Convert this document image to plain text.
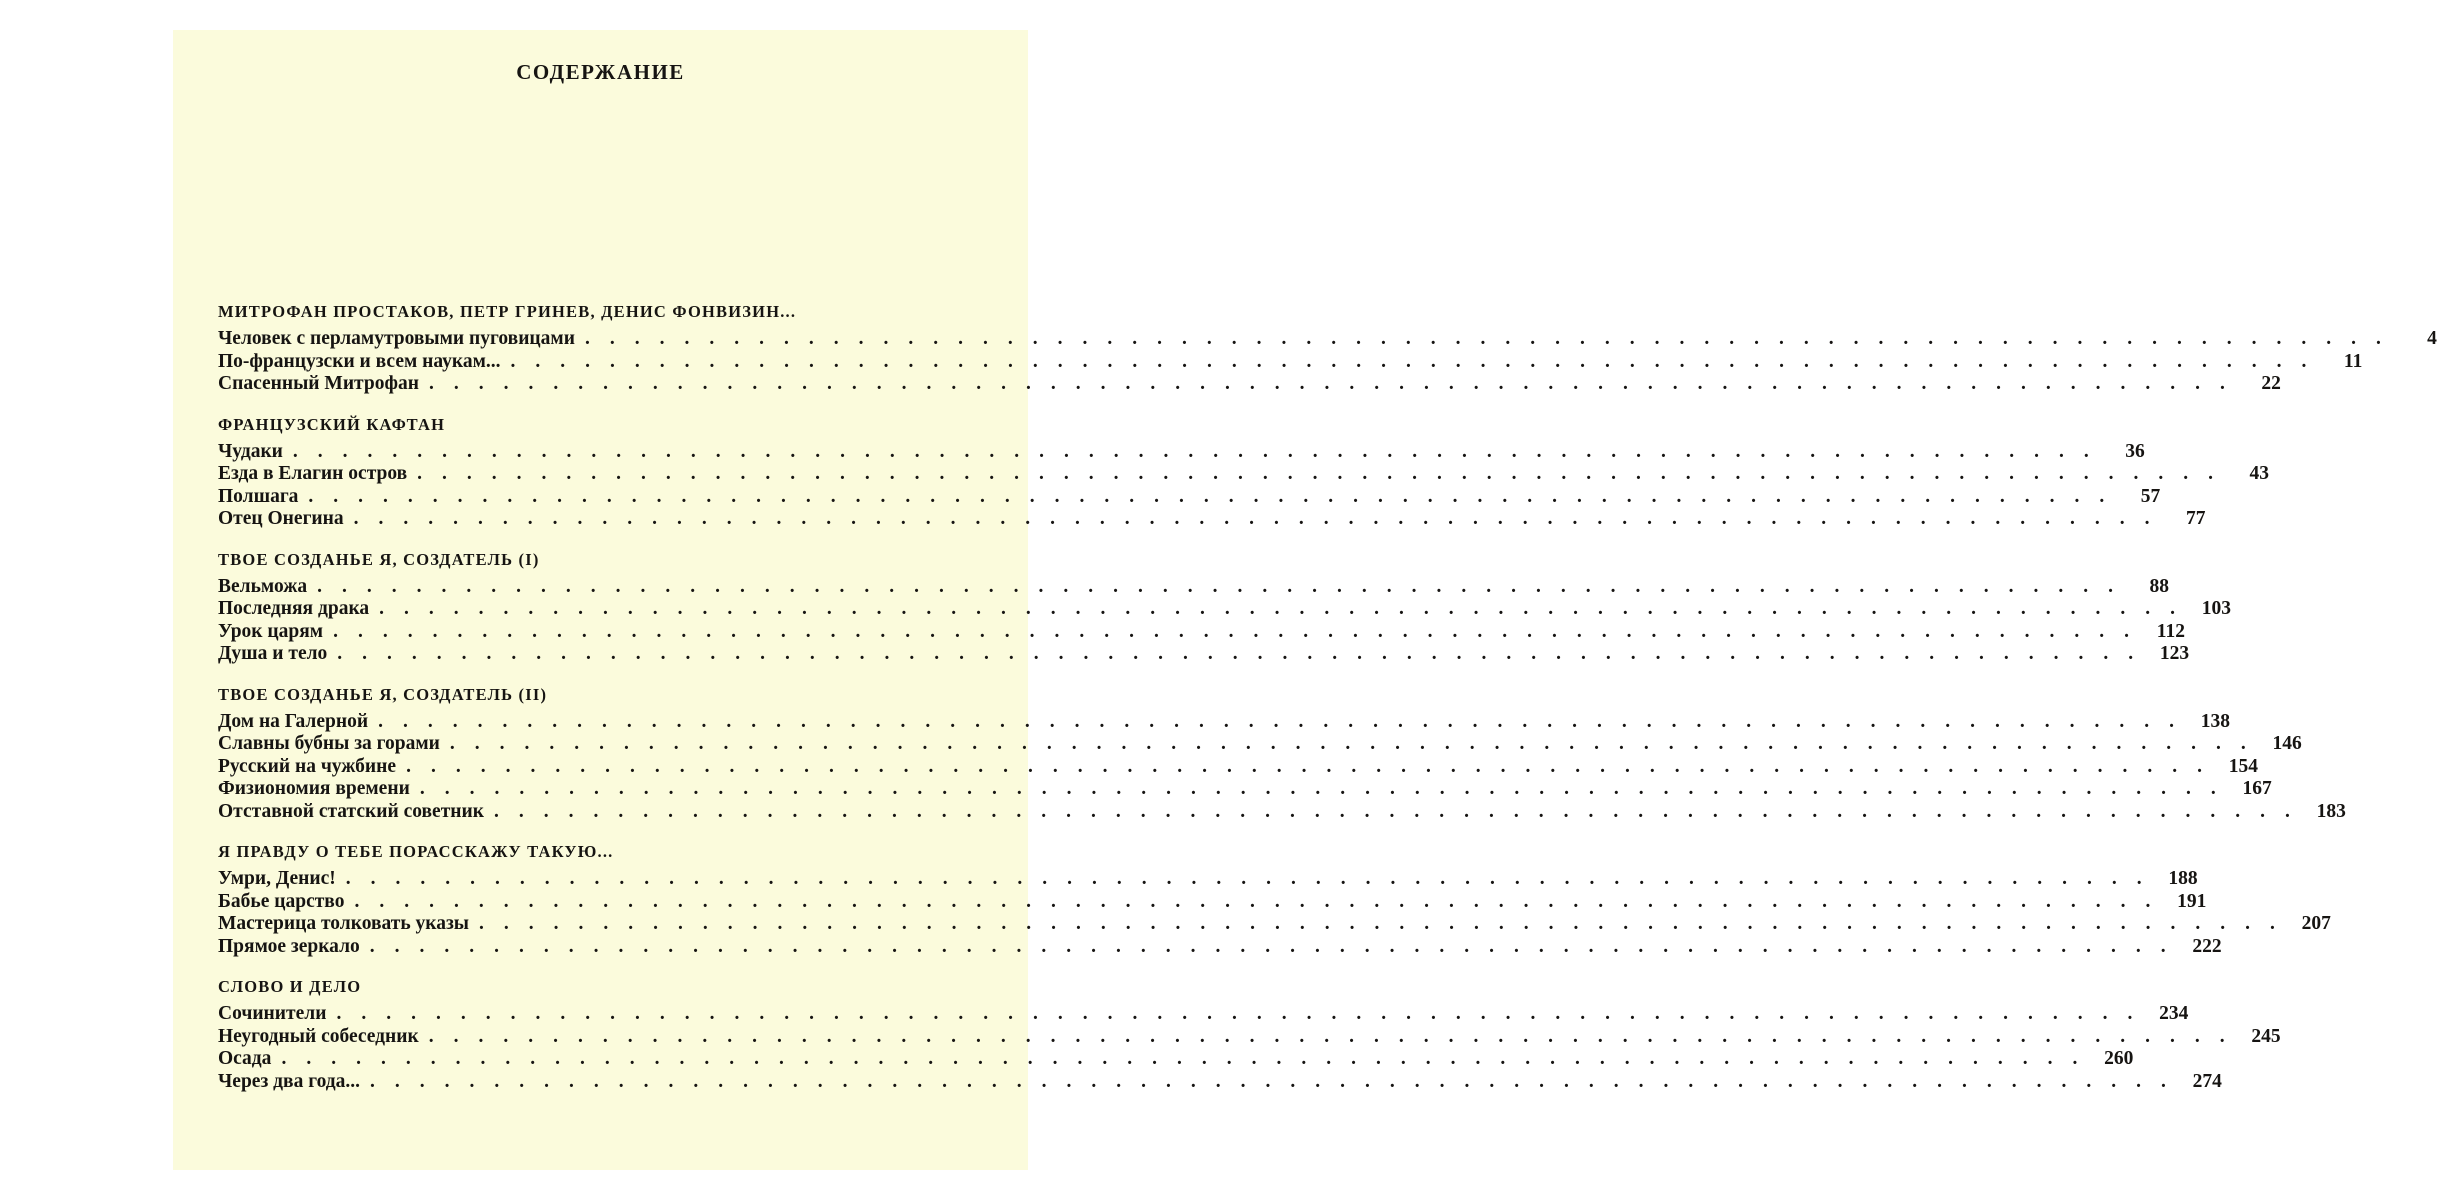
СОДЕРЖАНИЕ
МИТРОФАН ПРОСТАКОВ, ПЕТР ГРИНЕВ, ДЕНИС ФОНВИЗИН...
Человек с перламутровыми пуговицами .........................................................................	4
По-французски и всем наукам... ......................................................................... 11
Спасенный Митрофан ......................................................................... 22
ФРАНЦУЗСКИЙ КАФТАН
Чудаки ......................................................................... 36
Езда в Елагин остров ......................................................................... 43
Полшага ......................................................................... 57
Отец Онегина ......................................................................... 77
ТВОЕ СОЗДАНЬЕ Я, СОЗДАТЕЛЬ (I)
Вельможа ......................................................................... 88
Последняя драка ......................................................................... 103
Урок царям ......................................................................... 112
Душа и тело ......................................................................... 123
ТВОЕ СОЗДАНЬЕ Я, СОЗДАТЕЛЬ (II)
Дом на Галерной ......................................................................... 138
Славны бубны за горами ......................................................................... 146
Русский на чужбине ......................................................................... 154
Физиономия времени ......................................................................... 167
Отставной статский советник ......................................................................... 183
Я ПРАВДУ О ТЕБЕ ПОРАССКАЖУ ТАКУЮ...
Умри, Денис! ......................................................................... 188
Бабье царство ......................................................................... 191
Мастерица толковать указы ......................................................................... 207
Прямое зеркало ......................................................................... 222
СЛОВО И ДЕЛО
Сочинители ......................................................................... 234
Неугодный собеседник ......................................................................... 245
Осада ......................................................................... 260
Через два года... ......................................................................... 274
